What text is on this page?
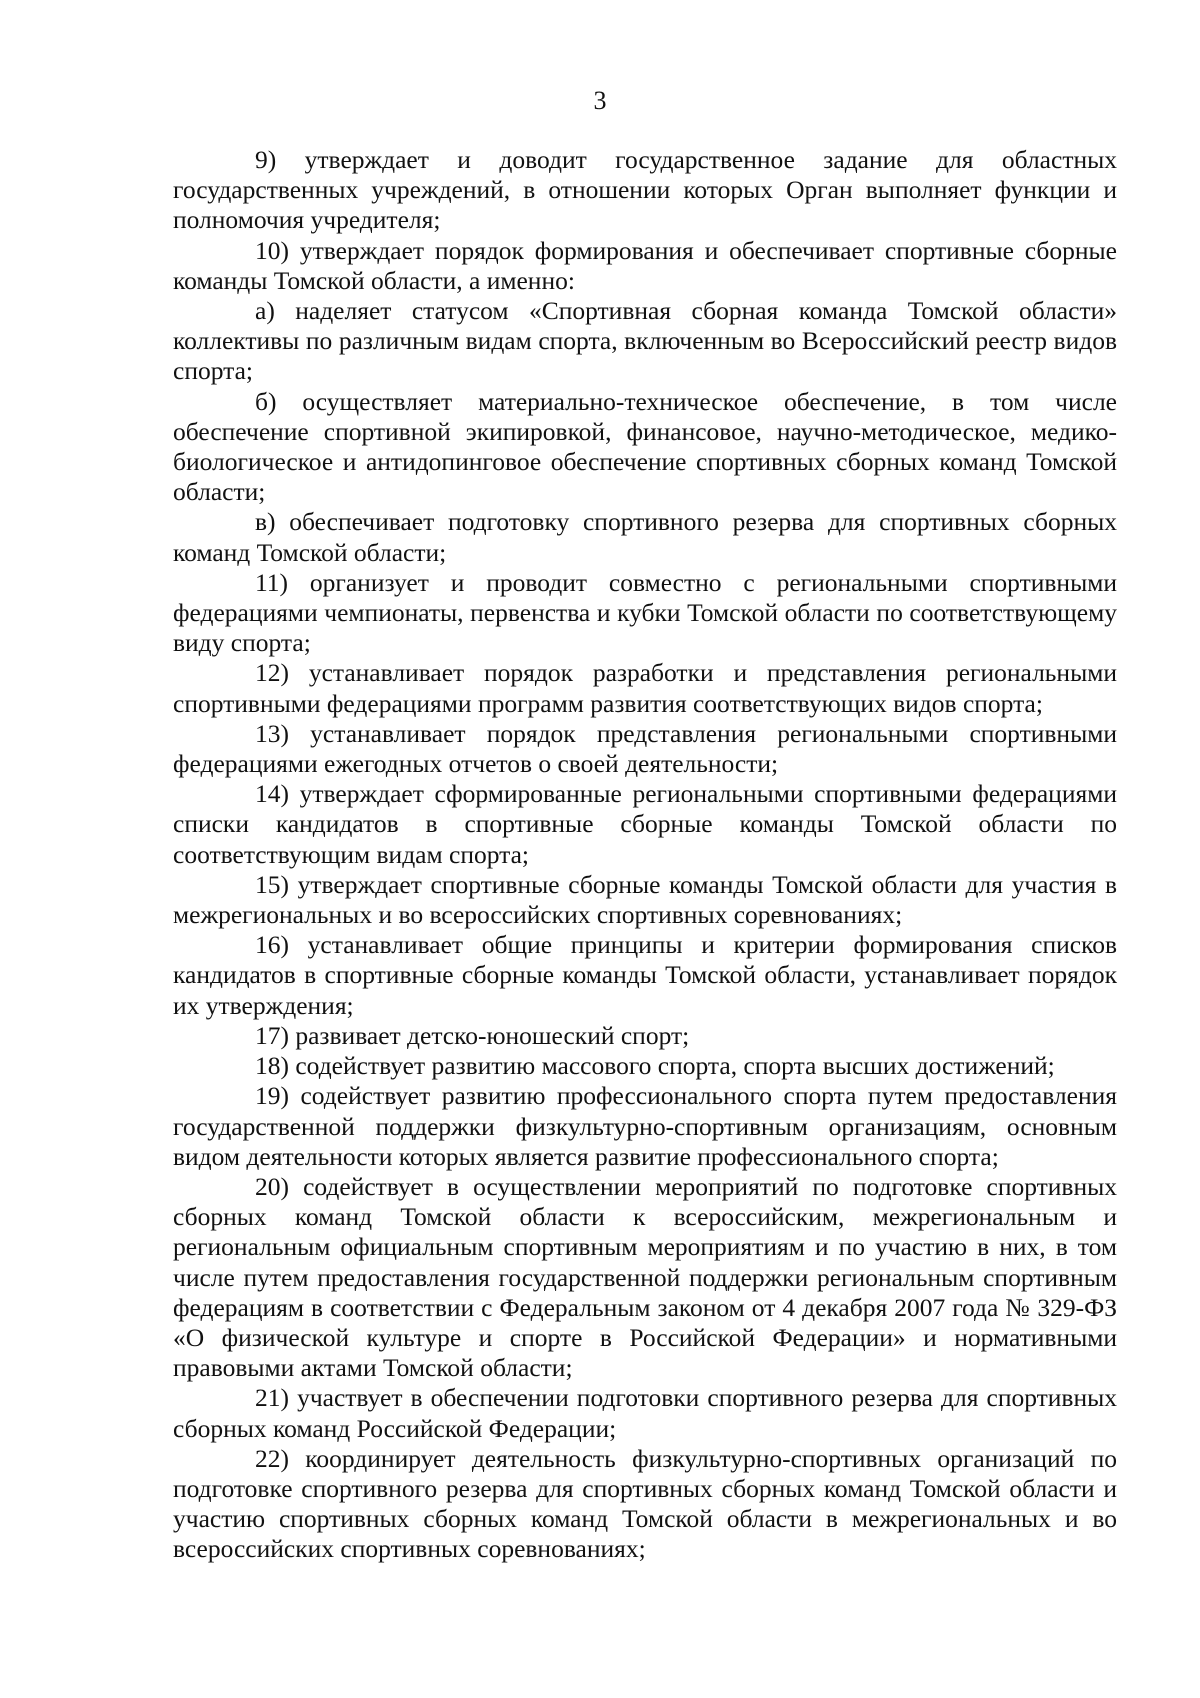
3

9) утверждает и доводит государственное задание для областных государственных учреждений, в отношении которых Орган выполняет функции и полномочия учредителя;

10) утверждает порядок формирования и обеспечивает спортивные сборные команды Томской области, а именно:

а) наделяет статусом «Спортивная сборная команда Томской области» коллективы по различным видам спорта, включенным во Всероссийский реестр видов спорта;

б) осуществляет материально-техническое обеспечение, в том числе обеспечение спортивной экипировкой, финансовое, научно-методическое, медико-биологическое и антидопинговое обеспечение спортивных сборных команд Томской области;

в) обеспечивает подготовку спортивного резерва для спортивных сборных команд Томской области;

11) организует и проводит совместно с региональными спортивными федерациями чемпионаты, первенства и кубки Томской области по соответствующему виду спорта;

12) устанавливает порядок разработки и представления региональными спортивными федерациями программ развития соответствующих видов спорта;

13) устанавливает порядок представления региональными спортивными федерациями ежегодных отчетов о своей деятельности;

14) утверждает сформированные региональными спортивными федерациями списки кандидатов в спортивные сборные команды Томской области по соответствующим видам спорта;

15) утверждает спортивные сборные команды Томской области для участия в межрегиональных и во всероссийских спортивных соревнованиях;

16) устанавливает общие принципы и критерии формирования списков кандидатов в спортивные сборные команды Томской области, устанавливает порядок их утверждения;

17) развивает детско-юношеский спорт;

18) содействует развитию массового спорта, спорта высших достижений;

19) содействует развитию профессионального спорта путем предоставления государственной поддержки физкультурно-спортивным организациям, основным видом деятельности которых является развитие профессионального спорта;

20) содействует в осуществлении мероприятий по подготовке спортивных сборных команд Томской области к всероссийским, межрегиональным и региональным официальным спортивным мероприятиям и по участию в них, в том числе путем предоставления государственной поддержки региональным спортивным федерациям в соответствии с Федеральным законом от 4 декабря 2007 года № 329-ФЗ «О физической культуре и спорте в Российской Федерации» и нормативными правовыми актами Томской области;

21) участвует в обеспечении подготовки спортивного резерва для спортивных сборных команд Российской Федерации;

22) координирует деятельность физкультурно-спортивных организаций по подготовке спортивного резерва для спортивных сборных команд Томской области и участию спортивных сборных команд Томской области в межрегиональных и во всероссийских спортивных соревнованиях;
